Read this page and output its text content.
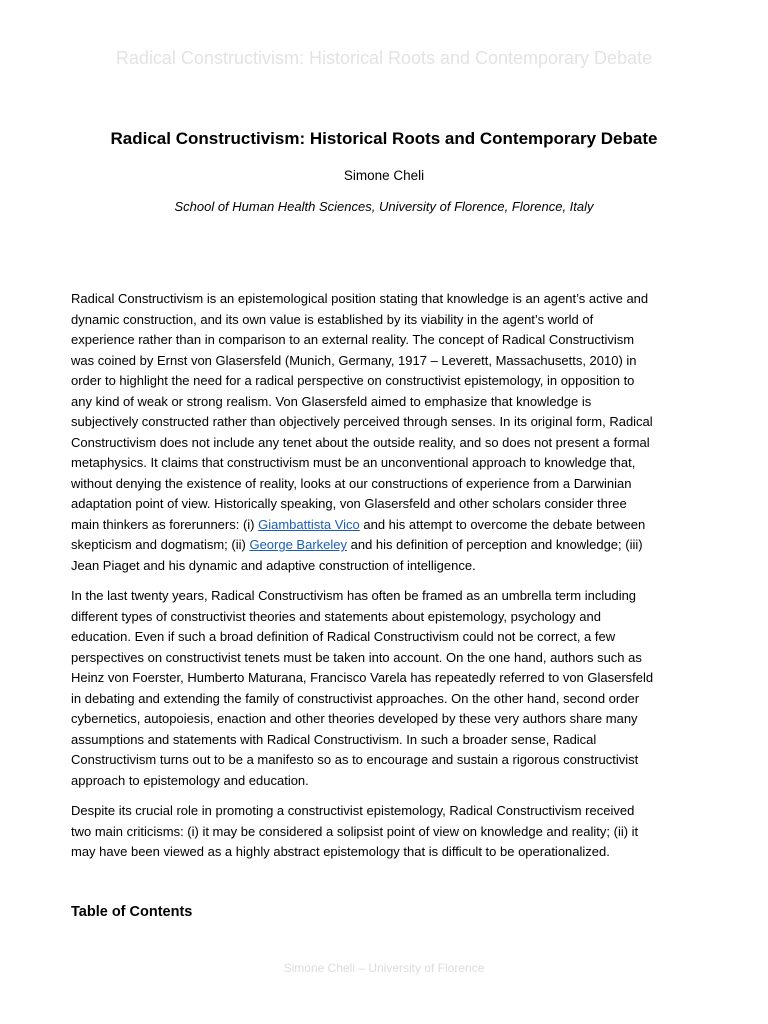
Radical Constructivism: Historical Roots and Contemporary Debate
Radical Constructivism: Historical Roots and Contemporary Debate
Simone Cheli
School of Human Health Sciences, University of Florence, Florence, Italy

Radical Constructivism is an epistemological position stating that knowledge is an agent’s active and
dynamic construction, and its own value is established by its viability in the agent’s world of
experience rather than in comparison to an external reality. The concept of Radical Constructivism
was coined by Ernst von Glasersfeld (Munich, Germany, 1917 – Leverett, Massachusetts, 2010) in
order to highlight the need for a radical perspective on constructivist epistemology, in opposition to
any kind of weak or strong realism. Von Glasersfeld aimed to emphasize that knowledge is
subjectively constructed rather than objectively perceived through senses. In its original form, Radical
Constructivism does not include any tenet about the outside reality, and so does not present a formal
metaphysics. It claims that constructivism must be an unconventional approach to knowledge that,
without denying the existence of reality, looks at our constructions of experience from a Darwinian
adaptation point of view. Historically speaking, von Glasersfeld and other scholars consider three
main thinkers as forerunners: (i) Giambattista Vico and his attempt to overcome the debate between
skepticism and dogmatism; (ii) George Barkeley and his definition of perception and knowledge; (iii)
Jean Piaget and his dynamic and adaptive construction of intelligence.

In the last twenty years, Radical Constructivism has often be framed as an umbrella term including
different types of constructivist theories and statements about epistemology, psychology and
education. Even if such a broad definition of Radical Constructivism could not be correct, a few
perspectives on constructivist tenets must be taken into account. On the one hand, authors such as
Heinz von Foerster, Humberto Maturana, Francisco Varela has repeatedly referred to von Glasersfeld
in debating and extending the family of constructivist approaches. On the other hand, second order
cybernetics, autopoiesis, enaction and other theories developed by these very authors share many
assumptions and statements with Radical Constructivism. In such a broader sense, Radical
Constructivism turns out to be a manifesto so as to encourage and sustain a rigorous constructivist
approach to epistemology and education.

Despite its crucial role in promoting a constructivist epistemology, Radical Constructivism received
two main criticisms: (i) it may be considered a solipsist point of view on knowledge and reality; (ii) it
may have been viewed as a highly abstract epistemology that is difficult to be operationalized.

Table of Contents
Simone Cheli – University of Florence
